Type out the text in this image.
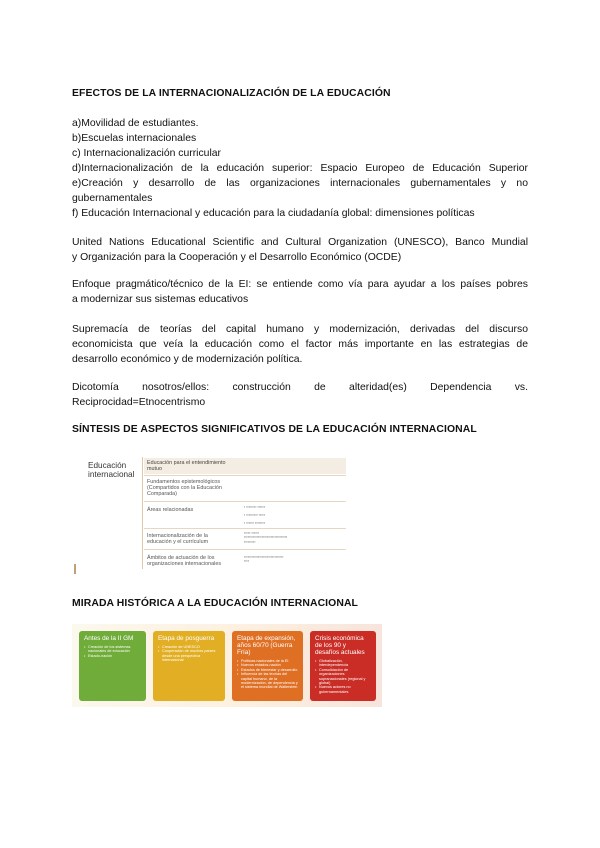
EFECTOS DE LA INTERNACIONALIZACIÓN DE LA EDUCACIÓN

a)Movilidad de estudiantes.

b)Escuelas internacionales

c) Internacionalización curricular

d)Internacionalización de la educación superior: Espacio Europeo de Educación Superior

e)Creación y desarrollo de las organizaciones internacionales gubernamentales y no

gubernamentales

f) Educación Internacional y educación para la ciudadanía global: dimensiones políticas

United Nations Educational Scientific and Cultural Organization (UNESCO), Banco Mundial

y Organización para la Cooperación y el Desarrollo Económico (OCDE)

Enfoque pragmático/técnico de la EI: se entiende como vía para ayudar a los países pobres

a modernizar sus sistemas educativos

Supremacía de teorías del capital humano y modernización, derivadas del discurso

economicista que veía la educación como el factor más importante en las estrategias de

desarrollo económico y de modernización política.

Dicotomía nosotros/ellos: construcción de alteridad(es) Dependencia vs.

Reciprocidad=Etnocentrismo

SÍNTESIS DE ASPECTOS SIGNIFICATIVOS DE LA EDUCACIÓN INTERNACIONAL
Educación
internacional
Educación para el entendimiento
mutuo
Fundamentos epistemológicos
(Compartidos con la Educación
Comparada)
Áreas relacionadas	▪ ▪▪▪▪▪▪▪▪ ▪▪▪▪▪▪
▪ ▪▪▪▪▪▪▪▪▪ ▪▪▪▪▪
▪ ▪▪▪▪▪▪ ▪▪▪▪▪▪▪▪
Internacionalización de la
educación y el currículum
▪▪▪▪▪ ▪▪▪▪▪▪
▪▪▪▪▪▪▪▪▪▪▪▪▪▪▪▪▪▪▪▪▪▪▪▪▪▪▪▪▪▪▪▪▪▪
▪▪▪▪▪▪▪▪▪
Ámbitos de actuación de los
organizaciones internacionales
▪▪▪▪▪▪▪▪▪▪▪▪▪▪▪▪▪▪▪▪▪▪▪▪▪▪▪▪▪▪▪
▪▪▪▪
MIRADA HISTÓRICA A LA EDUCACIÓN INTERNACIONAL
Antes de la II GM
• Creación de los sistemas nacionales de educación
• Estado-nación
Etapa de posguerra
• Creación de UNESCO
• Cooperación de muchos países desde una perspectiva internacional
Etapa de expansión, años 60/70 (Guerra Fría)
• Políticas nacionales de la EI
• Nuevos estados-nación
• Estados de bienestar y desarrollo
• Influencia de las teorías del capital humano, de la modernización, de dependencia y el sistema mundial de Wallerstein
Crisis económica de los 90 y desafíos actuales
• Globalización, interdependencia
• Consolidación de organizaciones supranacionales (regional y global)
• Nuevos actores no gubernamentales
